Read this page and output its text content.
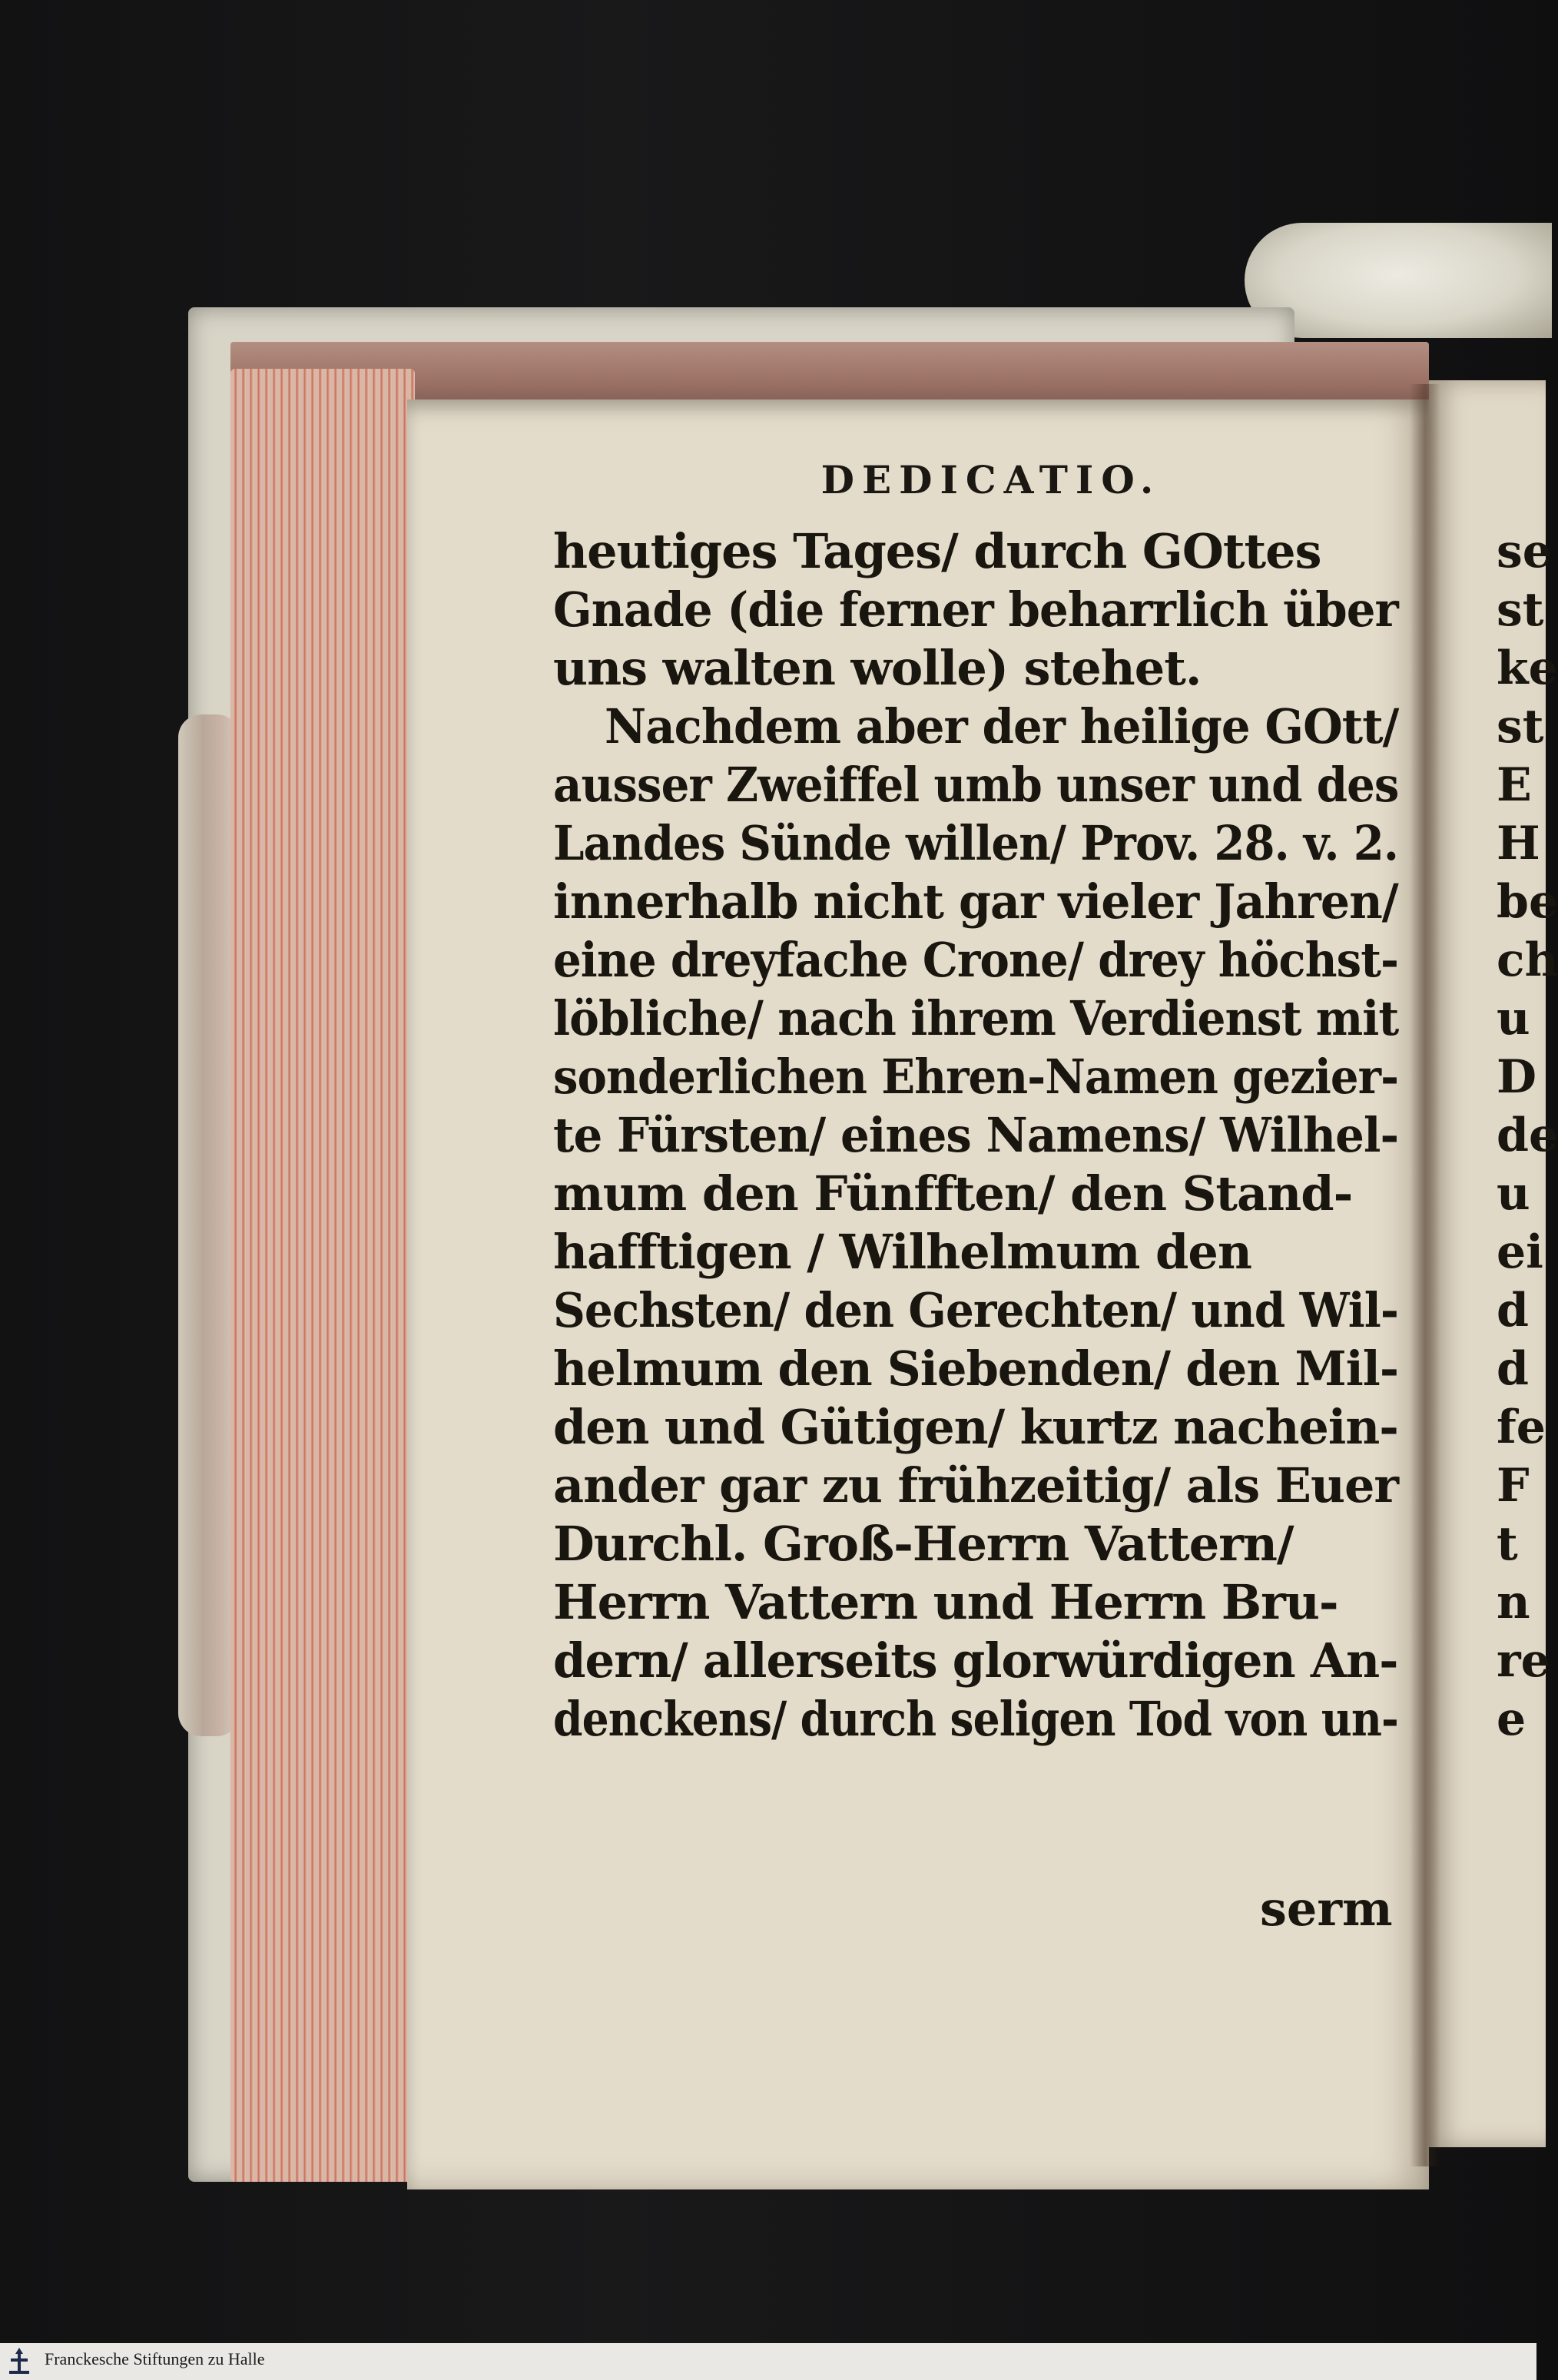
DEDICATIO.
heutiges Tages/ durch GOttes
Gnade (die ferner beharrlich über
uns walten wolle) stehet.
Nachdem aber der heilige GOtt/
ausser Zweiffel umb unser und des
Landes Sünde willen/ Prov. 28. v. 2.
innerhalb nicht gar vieler Jahren/
eine dreyfache Crone/ drey höchst-
löbliche/ nach ihrem Verdienst mit
sonderlichen Ehren-Namen gezier-
te Fürsten/ eines Namens/ Wilhel-
mum den Fünfften/ den Stand-
hafftigen / Wilhelmum den
Sechsten/ den Gerechten/ und Wil-
helmum den Siebenden/ den Mil-
den und Gütigen/ kurtz nachein-
ander gar zu frühzeitig/ als Euer
Durchl. Groß-Herrn Vattern/
Herrn Vattern und Herrn Bru-
dern/ allerseits glorwürdigen An-
denckens/ durch seligen Tod von un-
serm
se
st
ke
st
E
H
be
ch
u
D
de
u
ei
d
d
fe
F
t
n
re
e
Franckesche Stiftungen zu Halle
